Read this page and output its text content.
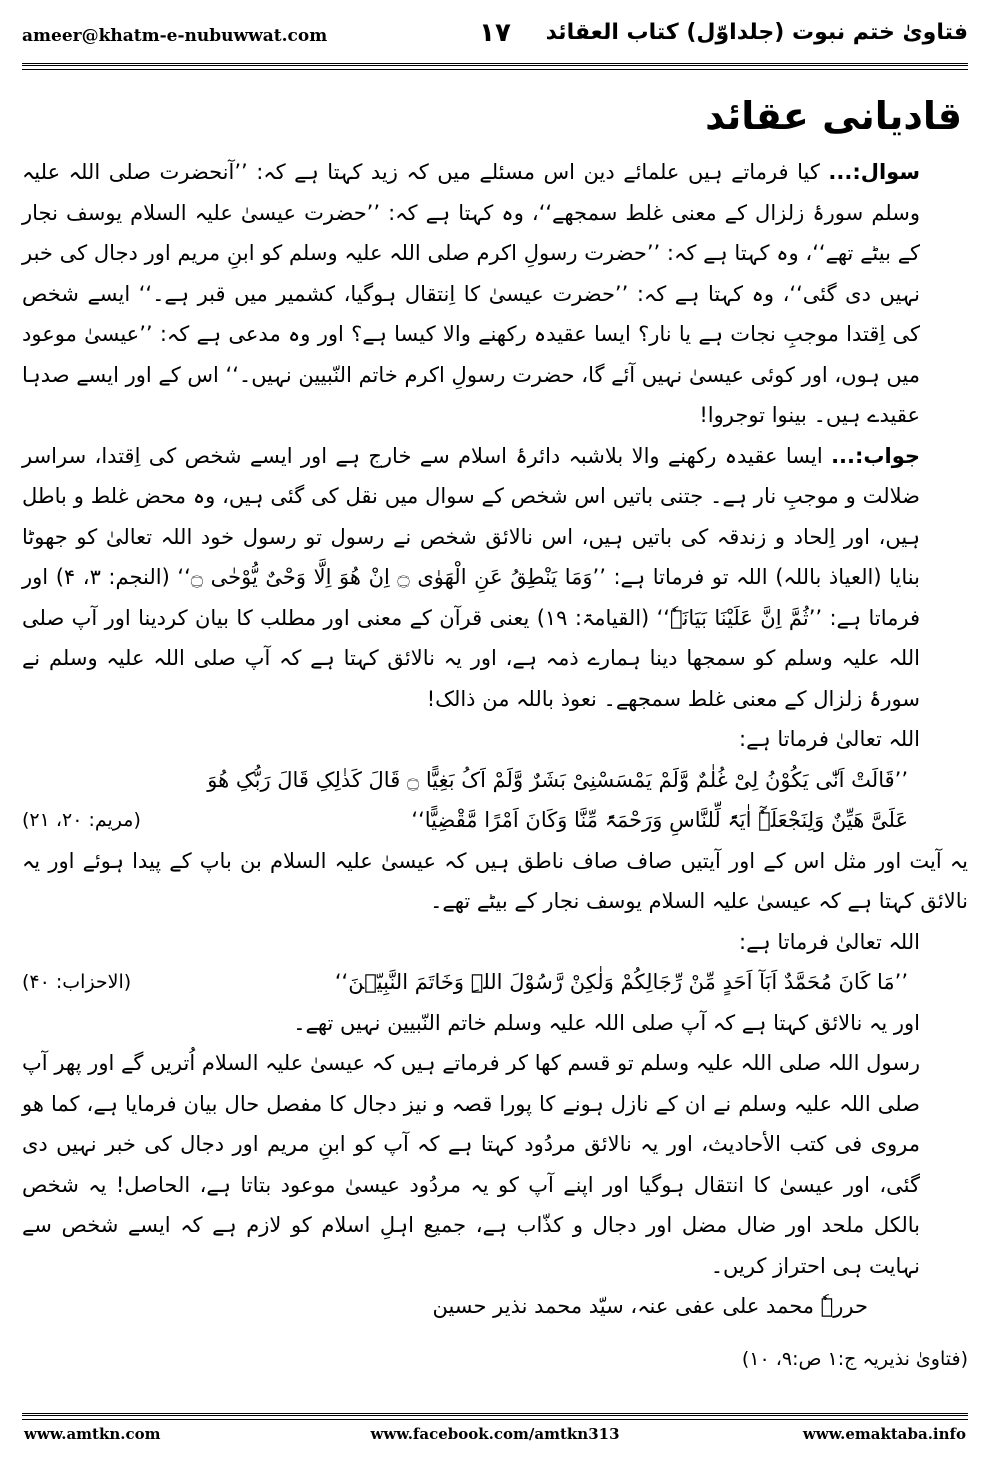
ameer@khatm-e-nubuwwat.com	۱۷ فتاویٰ ختم نبوت (جلداوّل) کتاب العقائد
قادیانی عقائد

سوال:... کیا فرماتے ہیں علمائے دین اس مسئلے میں کہ زید کہتا ہے کہ: ’’آنحضرت صلی اللہ علیہ وسلم سورۂ زلزال کے معنی غلط سمجھے‘‘، وہ کہتا ہے کہ: ’’حضرت عیسیٰ علیہ السلام یوسف نجار کے بیٹے تھے‘‘، وہ کہتا ہے کہ: ’’حضرت رسولِ اکرم صلی اللہ علیہ وسلم کو ابنِ مریم اور دجال کی خبر نہیں دی گئی‘‘، وہ کہتا ہے کہ: ’’حضرت عیسیٰ کا اِنتقال ہوگیا، کشمیر میں قبر ہے۔‘‘ ایسے شخص کی اِقتدا موجبِ نجات ہے یا نار؟ ایسا عقیدہ رکھنے والا کیسا ہے؟ اور وہ مدعی ہے کہ: ’’عیسیٰ موعود میں ہوں، اور کوئی عیسیٰ نہیں آئے گا، حضرت رسولِ اکرم خاتم النّبیین نہیں۔‘‘ اس کے اور ایسے صدہا عقیدے ہیں۔ بینوا توجروا!

جواب:... ایسا عقیدہ رکھنے والا بلاشبہ دائرۂ اسلام سے خارج ہے اور ایسے شخص کی اِقتدا، سراسر ضلالت و موجبِ نار ہے۔ جتنی باتیں اس شخص کے سوال میں نقل کی گئی ہیں، وہ محض غلط و باطل ہیں، اور اِلحاد و زندقہ کی باتیں ہیں، اس نالائق شخص نے رسول تو رسول خود اللہ تعالیٰ کو جھوٹا بنایا (العیاذ باللہ) اللہ تو فرماتا ہے: ’’وَمَا یَنْطِقُ عَنِ الْھَوٰی ۝ اِنْ ھُوَ اِلَّا وَحْیٌ یُّوْحٰی ۝‘‘ (النجم: ۳، ۴) اور فرماتا ہے: ’’ثُمَّ اِنَّ عَلَیْنَا بَیَانَہٗ‘‘ (القیامۃ: ۱۹) یعنی قرآن کے معنی اور مطلب کا بیان کردینا اور آپ صلی اللہ علیہ وسلم کو سمجھا دینا ہمارے ذمہ ہے، اور یہ نالائق کہتا ہے کہ آپ صلی اللہ علیہ وسلم نے سورۂ زلزال کے معنی غلط سمجھے۔ نعوذ باللہ من ذالک!

اللہ تعالیٰ فرماتا ہے:

’’قَالَتْ اَنّٰی یَکُوْنُ لِیْ غُلٰمٌ وَّلَمْ یَمْسَسْنِیْ بَشَرٌ وَّلَمْ اَکُ بَغِیًّا ۝ قَالَ کَذٰلِکِ قَالَ رَبُّکِ ھُوَ
عَلَیَّ ھَیِّنٌ وَلِنَجْعَلَہٗٓ اٰیَۃً لِّلنَّاسِ وَرَحْمَۃً مِّنَّا وَکَانَ اَمْرًا مَّقْضِیًّا‘‘
(مریم: ۲۰، ۲۱)

یہ آیت اور مثل اس کے اور آیتیں صاف صاف ناطق ہیں کہ عیسیٰ علیہ السلام بن باپ کے پیدا ہوئے اور یہ نالائق کہتا ہے کہ عیسیٰ علیہ السلام یوسف نجار کے بیٹے تھے۔

اللہ تعالیٰ فرماتا ہے:

’’مَا کَانَ مُحَمَّدٌ اَبَآ اَحَدٍ مِّنْ رِّجَالِکُمْ وَلٰکِنْ رَّسُوْلَ اللہِ وَخَاتَمَ النَّبِیّٖنَ‘‘
(الاحزاب: ۴۰)

اور یہ نالائق کہتا ہے کہ آپ صلی اللہ علیہ وسلم خاتم النّبیین نہیں تھے۔

رسول اللہ صلی اللہ علیہ وسلم تو قسم کھا کر فرماتے ہیں کہ عیسیٰ علیہ السلام اُتریں گے اور پھر آپ صلی اللہ علیہ وسلم نے ان کے نازل ہونے کا پورا قصہ و نیز دجال کا مفصل حال بیان فرمایا ہے، کما ھو مروی فی کتب الأحادیث، اور یہ نالائق مردُود کہتا ہے کہ آپ کو ابنِ مریم اور دجال کی خبر نہیں دی گئی، اور عیسیٰ کا انتقال ہوگیا اور اپنے آپ کو یہ مردُود عیسیٰ موعود بتاتا ہے، الحاصل! یہ شخص بالکل ملحد اور ضال مضل اور دجال و کذّاب ہے، جمیع اہلِ اسلام کو لازم ہے کہ ایسے شخص سے نہایت ہی احتراز کریں۔

حررہٗ محمد علی عفی عنہ، سیّد محمد نذیر حسین

(فتاویٰ نذیریہ ج:۱ ص:۹، ۱۰)

www.amtkn.com	www.facebook.com/amtkn313	www.emaktaba.info
